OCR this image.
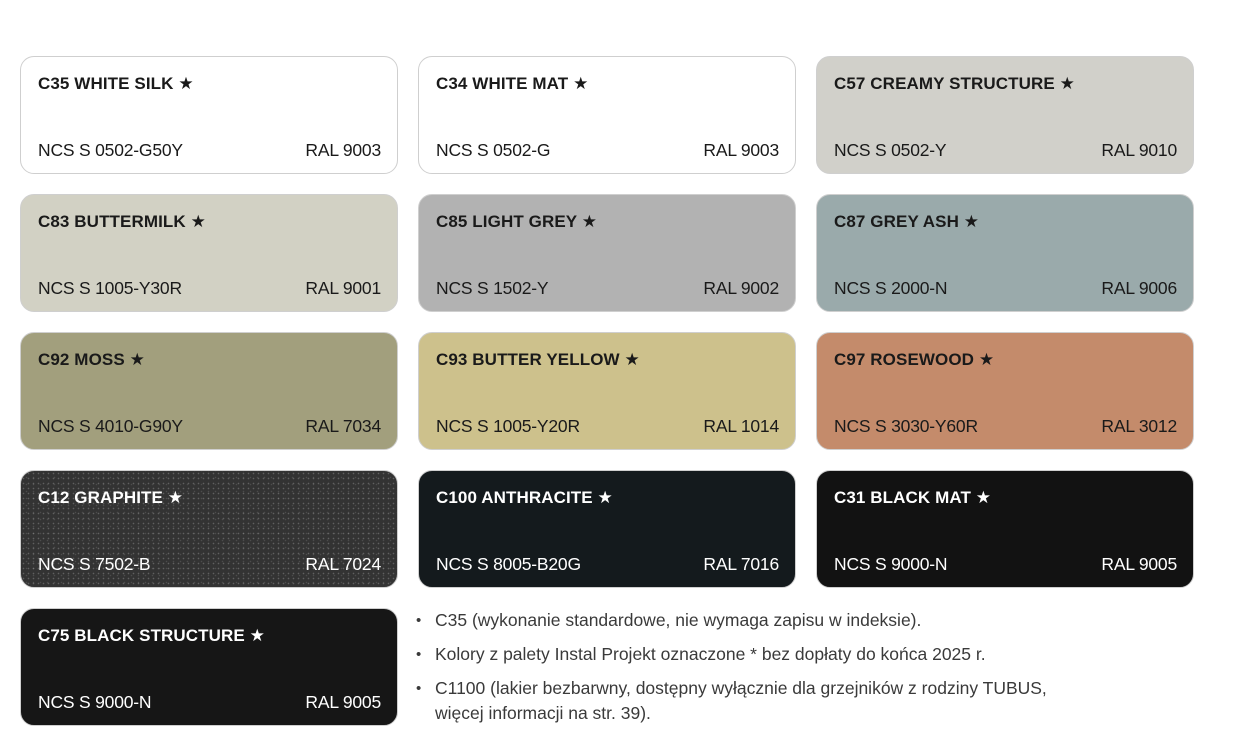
C35 WHITE SILK ★
NCS S 0502-G50Y	RAL 9003
C34 WHITE MAT ★
NCS S 0502-G	RAL 9003
C57 CREAMY STRUCTURE ★
NCS S 0502-Y	RAL 9010
C83 BUTTERMILK ★
NCS S 1005-Y30R	RAL 9001
C85 LIGHT GREY ★
NCS S 1502-Y	RAL 9002
C87 GREY ASH ★
NCS S 2000-N	RAL 9006
C92 MOSS ★
NCS S 4010-G90Y	RAL 7034
C93 BUTTER YELLOW ★
NCS S 1005-Y20R	RAL 1014
C97 ROSEWOOD ★
NCS S 3030-Y60R	RAL 3012
C12 GRAPHITE ★
NCS S 7502-B	RAL 7024
C100 ANTHRACITE ★
NCS S 8005-B20G	RAL 7016
C31 BLACK MAT ★
NCS S 9000-N	RAL 9005
C75 BLACK STRUCTURE ★
NCS S 9000-N	RAL 9005
• C35 (wykonanie standardowe, nie wymaga zapisu w indeksie).
• Kolory z palety Instal Projekt oznaczone * bez dopłaty do końca 2025 r.
• C1100 (lakier bezbarwny, dostępny wyłącznie dla grzejników z rodziny TUBUS, więcej informacji na str. 39).
